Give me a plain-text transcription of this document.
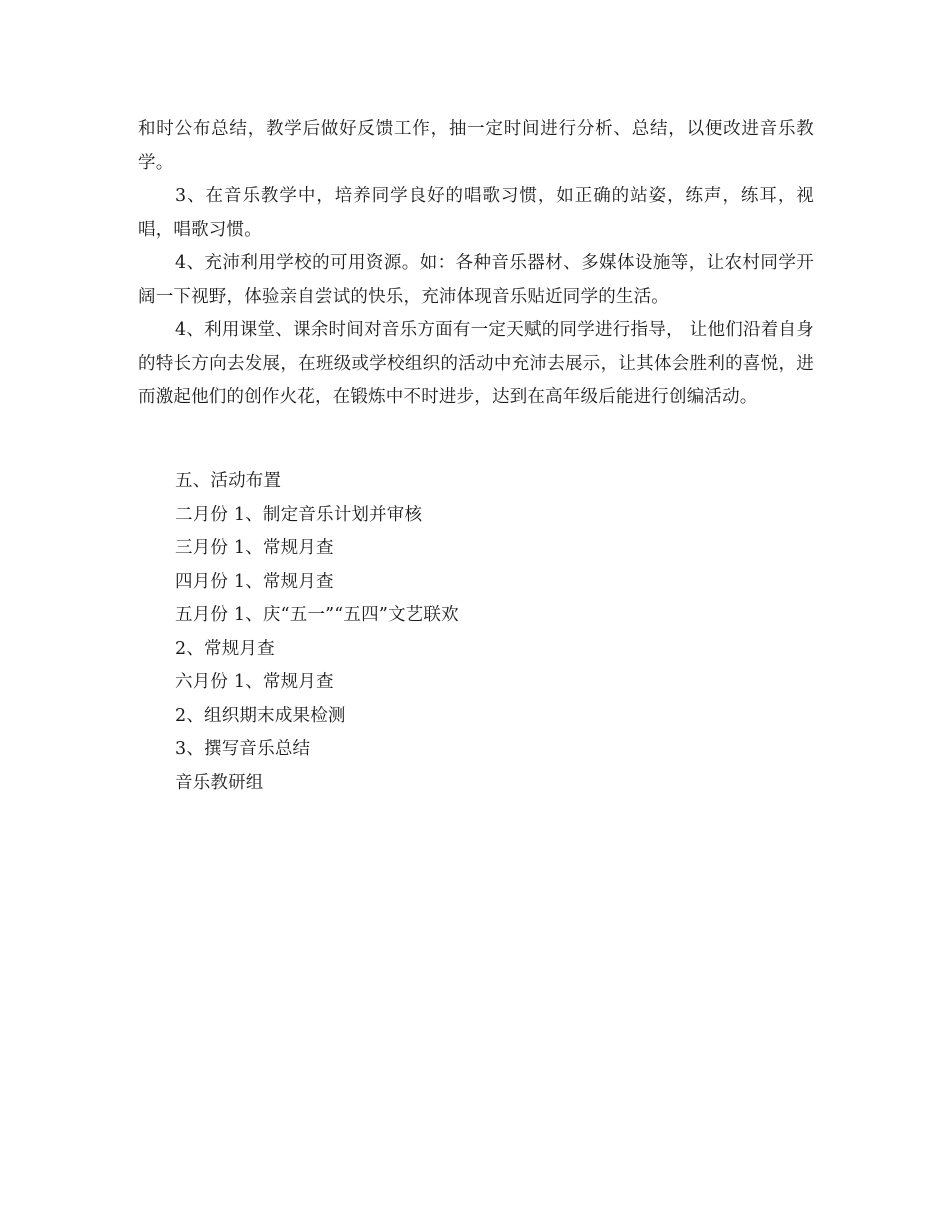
和时公布总结，教学后做好反馈工作，抽一定时间进行分析、总结，以便改进音乐教学。

3、在音乐教学中，培养同学良好的唱歌习惯，如正确的站姿，练声，练耳，视唱，唱歌习惯。

4、充沛利用学校的可用资源。如：各种音乐器材、多媒体设施等，让农村同学开阔一下视野，体验亲自尝试的快乐，充沛体现音乐贴近同学的生活。

4、利用课堂、课余时间对音乐方面有一定天赋的同学进行指导， 让他们沿着自身的特长方向去发展，在班级或学校组织的活动中充沛去展示，让其体会胜利的喜悦，进而激起他们的创作火花，在锻炼中不时进步，达到在高年级后能进行创编活动。

五、活动布置
二月份 1、制定音乐计划并审核
三月份 1、常规月查
四月份 1、常规月查
五月份 1、庆“五一”“五四”文艺联欢
2、常规月查
六月份 1、常规月查
2、组织期末成果检测
3、撰写音乐总结
音乐教研组
